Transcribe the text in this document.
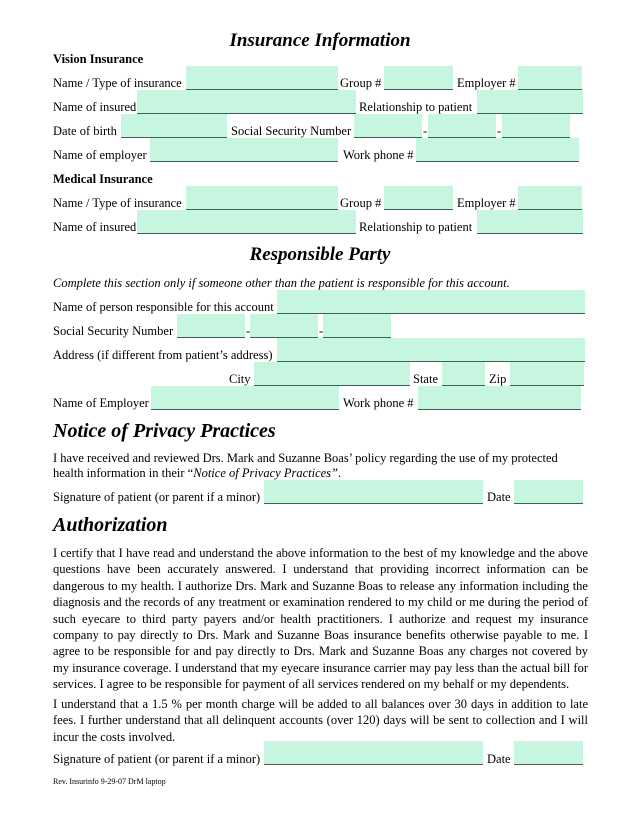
Insurance Information
Vision Insurance
Name / Type of insurance	Group #	Employer #
Name of insured	Relationship to patient
Date of birth	Social Security Number	-	-
Name of employer	Work phone #
Medical Insurance
Name / Type of insurance	Group #	Employer #
Name of insured	Relationship to patient
Responsible Party
Complete this section only if someone other than the patient is responsible for this account.
Name of person responsible for this account
Social Security Number	-	-
Address (if different from patient’s address)
City	State	Zip
Name of Employer	Work phone #
Notice of Privacy Practices
I have received and reviewed Drs. Mark and Suzanne Boas’ policy regarding the use of my protected
health information in their “Notice of Privacy Practices”.
Signature of patient (or parent if a minor)	Date
Authorization
I certify that I have read and understand the above information to the best of my knowledge and the above questions have been accurately answered. I understand that providing incorrect information can be dangerous to my health. I authorize Drs. Mark and Suzanne Boas to release any information including the diagnosis and the records of any treatment or examination rendered to my child or me during the period of such eyecare to third party payers and/or health practitioners. I authorize and request my insurance company to pay directly to Drs. Mark and Suzanne Boas insurance benefits otherwise payable to me. I agree to be responsible for and pay directly to Drs. Mark and Suzanne Boas any charges not covered by my insurance coverage. I understand that my eyecare insurance carrier may pay less than the actual bill for services. I agree to be responsible for payment of all services rendered on my behalf or my dependents.
I understand that a 1.5 % per month charge will be added to all balances over 30 days in addition to late fees. I further understand that all delinquent accounts (over 120) days will be sent to collection and I will incur the costs involved.
Signature of patient (or parent if a minor)	Date
Rev. Insurinfo 9-29-07 DrM laptop
